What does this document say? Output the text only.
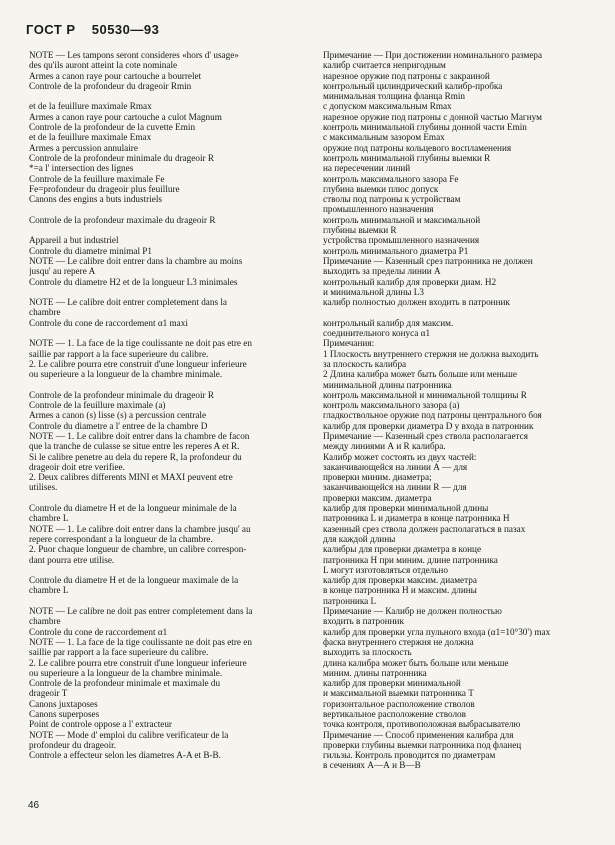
ГОСТ Р 50530—93
NOTE — Les tampons seront consideres «hors d' usage»
des qu'ils auront atteint la cote nominale
Armes a canon raye pour cartouche a bourrelet
Controle de la profondeur du drageoir Rmin
et de la feuillure maximale Rmax
Armes a canon raye pour cartouche a culot Magnum
Controle de la profondeur de la cuvette Emin
et de la feuillure maximale Emax
Armes a percussion annulaire
Controle de la profondeur minimale du drageoir R
*=a l' intersection des lignes
Controle de la feuillure maximale Fe
Fe=profondeur du drageoir plus feuillure
Canons des engins a buts industriels
Controle de la profondeur maximale du drageoir R
Appareil a but industriel
Controle du diametre minimal P1
NOTE — Le calibre doit entrer dans la chambre au moins
jusqu' au repere A
Controle du diametre H2 et de la longueur L3 minimales
NOTE — Le calibre doit entrer completement dans la
chambre
Controle du cone de raccordement α1 maxi
NOTE — 1. La face de la tige coulissante ne doit pas etre en
saillie par rapport a la face superieure du calibre.
2. Le calibre pourra etre construit d'une longueur inferieure
ou superieure a la longueur de la chambre minimale.
Controle de la profondeur minimale du drageoir R
Controle de la feuillure maximale (a)
Armes a canon (s) lisse (s) a percussion centrale
Controle du diametre a l' entree de la chambre D
NOTE — 1. Le calibre doit entrer dans la chambre de facon
que la tranche de culasse se situe entre les reperes A et R.
Si le calibre penetre au dela du repere R, la profondeur du
drageoir doit etre verifiee.
2. Deux calibres differents MINI et MAXI peuvent etre
utilises.
Controle du diametre H et de la longueur minimale de la
chambre L
NOTE — 1. Le calibre doit entrer dans la chambre jusqu' au
repere correspondant a la longueur de la chambre.
2. Puor chaque longueur de chambre, un calibre correspon-
dant pourra etre utilise.
Controle du diametre H et de la longueur maximale de la
chambre L
NOTE — Le calibre ne doit pas entrer completement dans la
chambre
Controle du cone de raccordement α1
NOTE — 1. La face de la tige coulissante ne doit pas etre en
saillie par rapport a la face superieure du calibre.
2. Le calibre pourra etre construit d'une longueur inferieure
ou superieure a la longueur de la chambre minimale.
Controle de la profondeur minimale et maximale du
drageoir T
Canons juxtaposes
Canons superposes
Point de controle oppose a l' extracteur
NOTE — Mode d' emploi du calibre verificateur de la
profondeur du drageoir.
Controle a effecteur selon les diametres A-A et B-B.
Примечание — При достижении номинального размера
калибр считается непригодным
нарезное оружие под патроны с закраиной
контрольный цилиндрический калибр-пробка
минимальная толщина фланца Rmin
с допуском максимальным Rmax
нарезное оружие под патроны с донной частью Магнум
контроль минимальной глубины донной части Emin
с максимальным зазором Emax
оружие под патроны кольцевого воспламенения
контроль минимальной глубины выемки R
на пересечении линий
контроль максимального зазора Fe
глубина выемки плюс допуск
стволы под патроны к устройствам
промышленного назначения
контроль минимальной и максимальной
глубины выемки R
устройства промышленного назначения
контроль минимального диаметра P1
Примечание — Казенный срез патронника не должен
выходить за пределы линии А
контрольный калибр для проверки диам. H2
и минимальной длины L3
калибр полностью должен входить в патронник
контрольный калибр для максим.
соединительного конуса α1
Примечания:
1 Плоскость внутреннего стержня не должна выходить
за плоскость калибра
2 Длина калибра может быть больше или меньше
минимальной длины патронника
контроль максимальной и минимальной толщины R
контроль максимального зазора (а)
гладкоствольное оружие под патроны центрального боя
калибр для проверки диаметра D у входа в патронник
Примечание — Казенный срез ствола располагается
между линиями А и R калибра.
Калибр может состоять из двух частей:
заканчивающейся на линии А — для
проверки миним. диаметра;
заканчивающейся на линии R — для
проверки максим. диаметра
калибр для проверки минимальной длины
патронника L и диаметра в конце патронника Н
казенный срез ствола должен располагаться в пазах
для каждой длины
калибры для проверки диаметра в конце
патронника Н при миним. длине патронника
L могут изготовляться отдельно
калибр для проверки максим. диаметра
в конце патронника Н и максим. длины
патронника L
Примечание — Калибр не должен полностью
входить в патронник
калибр для проверки угла пульного входа (α1=10°30') max
фаска внутреннего стержня не должна
выходить за плоскость
длина калибра может быть больше или меньше
миним. длины патронника
калибр для проверки минимальной
и максимальной выемки патронника Т
горизонтальное расположение стволов
вертикальное расположение стволов
точка контроля, противоположная выбрасывателю
Примечание — Способ применения калибра для
проверки глубины выемки патронника под фланец
гильзы. Контроль проводится по диаметрам
в сечениях А—А и В—В
46
